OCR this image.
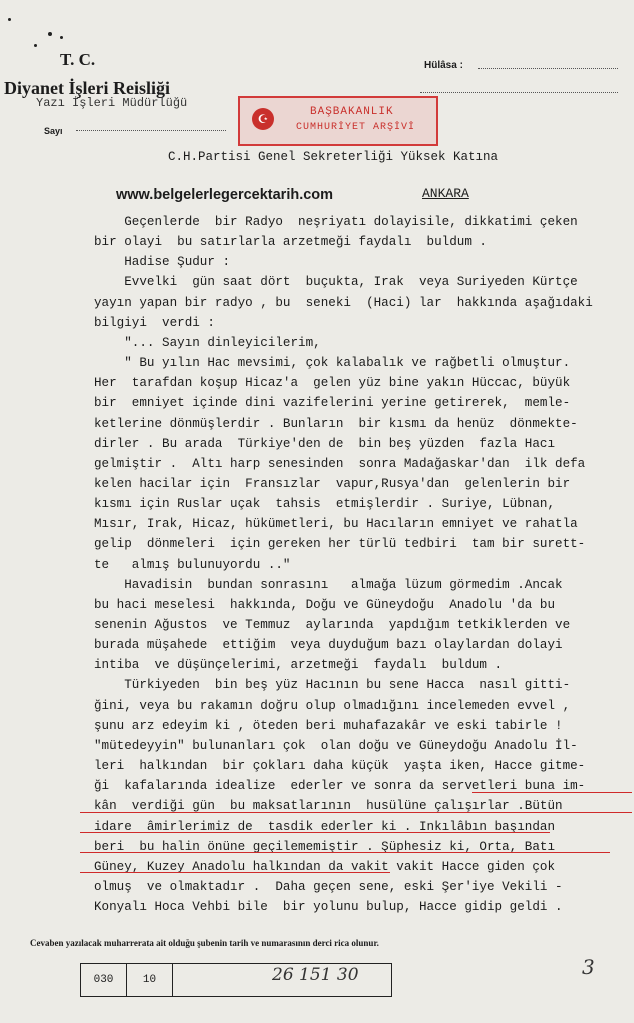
T. C.
Diyanet İşleri Reisliği
Yazı İşleri Müdürlüğü
Sayı
Hülâsa :
☪	BAŞBAKANLIK
CUMHURİYET ARŞİVİ
C.H.Partisi Genel Sekreterliği Yüksek Katına
www.belgelerlegercektarih.com	ANKARA
Geçenlerde  bir Radyo  neşriyatı dolayisile, dikkatimi çeken
bir olayi  bu satırlarla arzetmeği faydalı  buldum .
Hadise Şudur :
Evvelki  gün saat dört  buçukta, Irak  veya Suriyeden Kürtçe
yayın yapan bir radyo , bu  seneki  (Haci) lar  hakkında aşağıdaki
bilgiyi  verdi :
"... Sayın dinleyicilerim,
" Bu yılın Hac mevsimi, çok kalabalık ve rağbetli olmuştur.
Her  tarafdan koşup Hicaz'a  gelen yüz bine yakın Hüccac, büyük
bir  emniyet içinde dini vazifelerini yerine getirerek,  memle-
ketlerine dönmüşlerdir . Bunların  bir kısmı da henüz  dönmekte-
dirler . Bu arada  Türkiye'den de  bin beş yüzden  fazla Hacı
gelmiştir .  Altı harp senesinden  sonra Madağaskar'dan  ilk defa
kelen hacilar için  Fransızlar  vapur,Rusya'dan  gelenlerin bir
kısmı için Ruslar uçak  tahsis  etmişlerdir . Suriye, Lübnan,
Mısır, Irak, Hicaz, hükümetleri, bu Hacıların emniyet ve rahatla
gelip  dönmeleri  için gereken her türlü tedbiri  tam bir surett-
te   almış bulunuyordu .."
Havadisin  bundan sonrasını   almağa lüzum görmedim .Ancak
bu haci meselesi  hakkında, Doğu ve Güneydoğu  Anadolu 'da bu
senenin Ağustos  ve Temmuz  aylarında  yapdığım tetkiklerden ve
burada müşahede  ettiğim  veya duyduğum bazı olaylardan dolayi
intiba  ve düşünçelerimi, arzetmeği  faydalı  buldum .
Türkiyeden  bin beş yüz Hacının bu sene Hacca  nasıl gitti-
ğini, veya bu rakamın doğru olup olmadığını incelemeden evvel ,
şunu arz edeyim ki , öteden beri muhafazakâr ve eski tabirle !
"mütedeyyin" bulunanları çok  olan doğu ve Güneydoğu Anadolu İl-
leri  halkından  bir çokları daha küçük  yaşta iken, Hacce gitme-
ği  kafalarında idealize  ederler ve sonra da servetleri buna im-
kân  verdiği gün  bu maksatlarının  husülüne çalışırlar .Bütün
idare  âmirlerimiz de  tasdik ederler ki . Inkılâbın başından
beri  bu halin önüne geçilememiştir . Şüphesiz ki, Orta, Batı
Güney, Kuzey Anadolu halkından da vakit vakit Hacce giden çok
olmuş  ve olmaktadır .  Daha geçen sene, eski Şer'iye Vekili -
Konyalı Hoca Vehbi bile  bir yolunu bulup, Hacce gidip geldi .
Cevaben yazılacak muharrerata ait olduğu şubenin tarih ve numarasının derci rica olunur.
030	10	26 151 30	3
